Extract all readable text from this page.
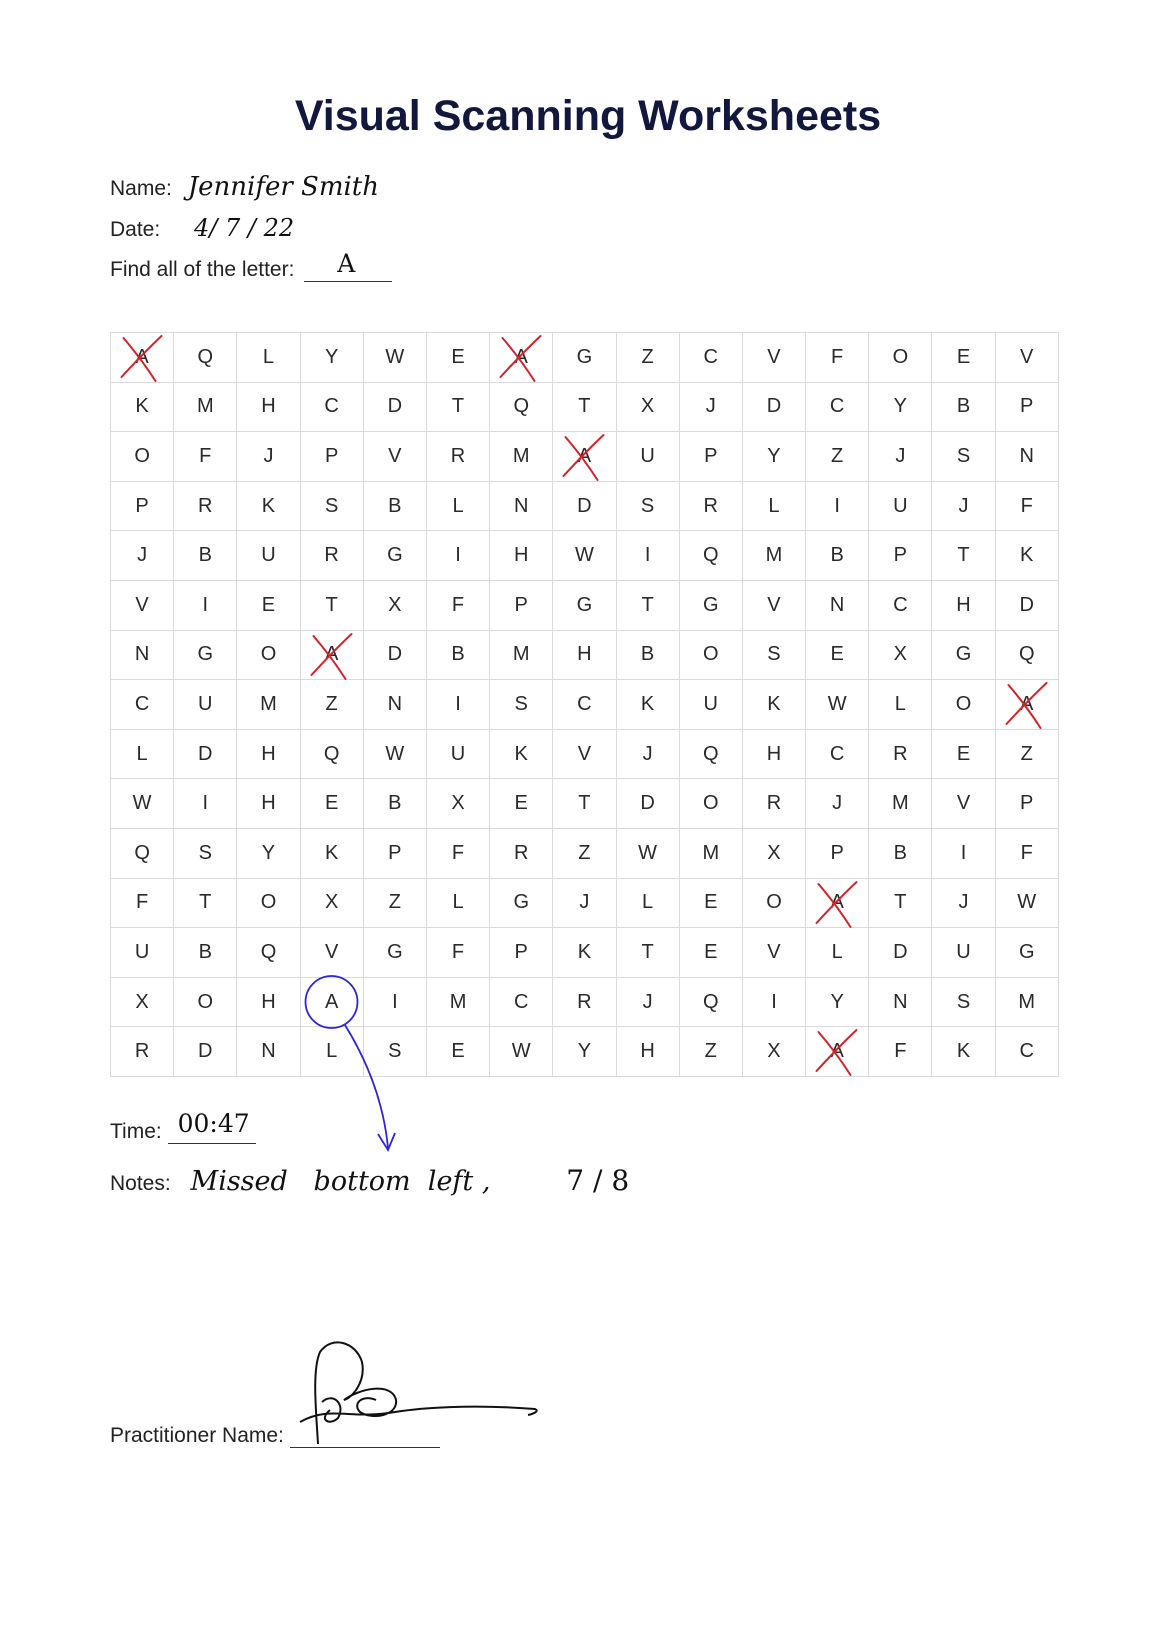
Visual Scanning Worksheets
Name: Jennifer Smith
Date: 4/ 7 / 22
Find all of the letter: A
A	Q	L	Y	W	E	A	G	Z	C	V	F	O	E	V
K	M	H	C	D	T	Q	T	X	J	D	C	Y	B	P
O	F	J	P	V	R	M	A	U	P	Y	Z	J	S	N
P	R	K	S	B	L	N	D	S	R	L	I	U	J	F
J	B	U	R	G	I	H	W	I	Q	M	B	P	T	K
V	I	E	T	X	F	P	G	T	G	V	N	C	H	D
N	G	O	A	D	B	M	H	B	O	S	E	X	G	Q
C	U	M	Z	N	I	S	C	K	U	K	W	L	O	A
L	D	H	Q	W	U	K	V	J	Q	H	C	R	E	Z
W	I	H	E	B	X	E	T	D	O	R	J	M	V	P
Q	S	Y	K	P	F	R	Z	W	M	X	P	B	I	F
F	T	O	X	Z	L	G	J	L	E	O	A	T	J	W
U	B	Q	V	G	F	P	K	T	E	V	L	D	U	G
X	O	H	A	I	M	C	R	J	Q	I	Y	N	S	M
R	D	N	L	S	E	W	Y	H	Z	X	A	F	K	C
Time: 00:47
Notes: Missed   bottom  left ,	7 / 8
Practitioner Name:
